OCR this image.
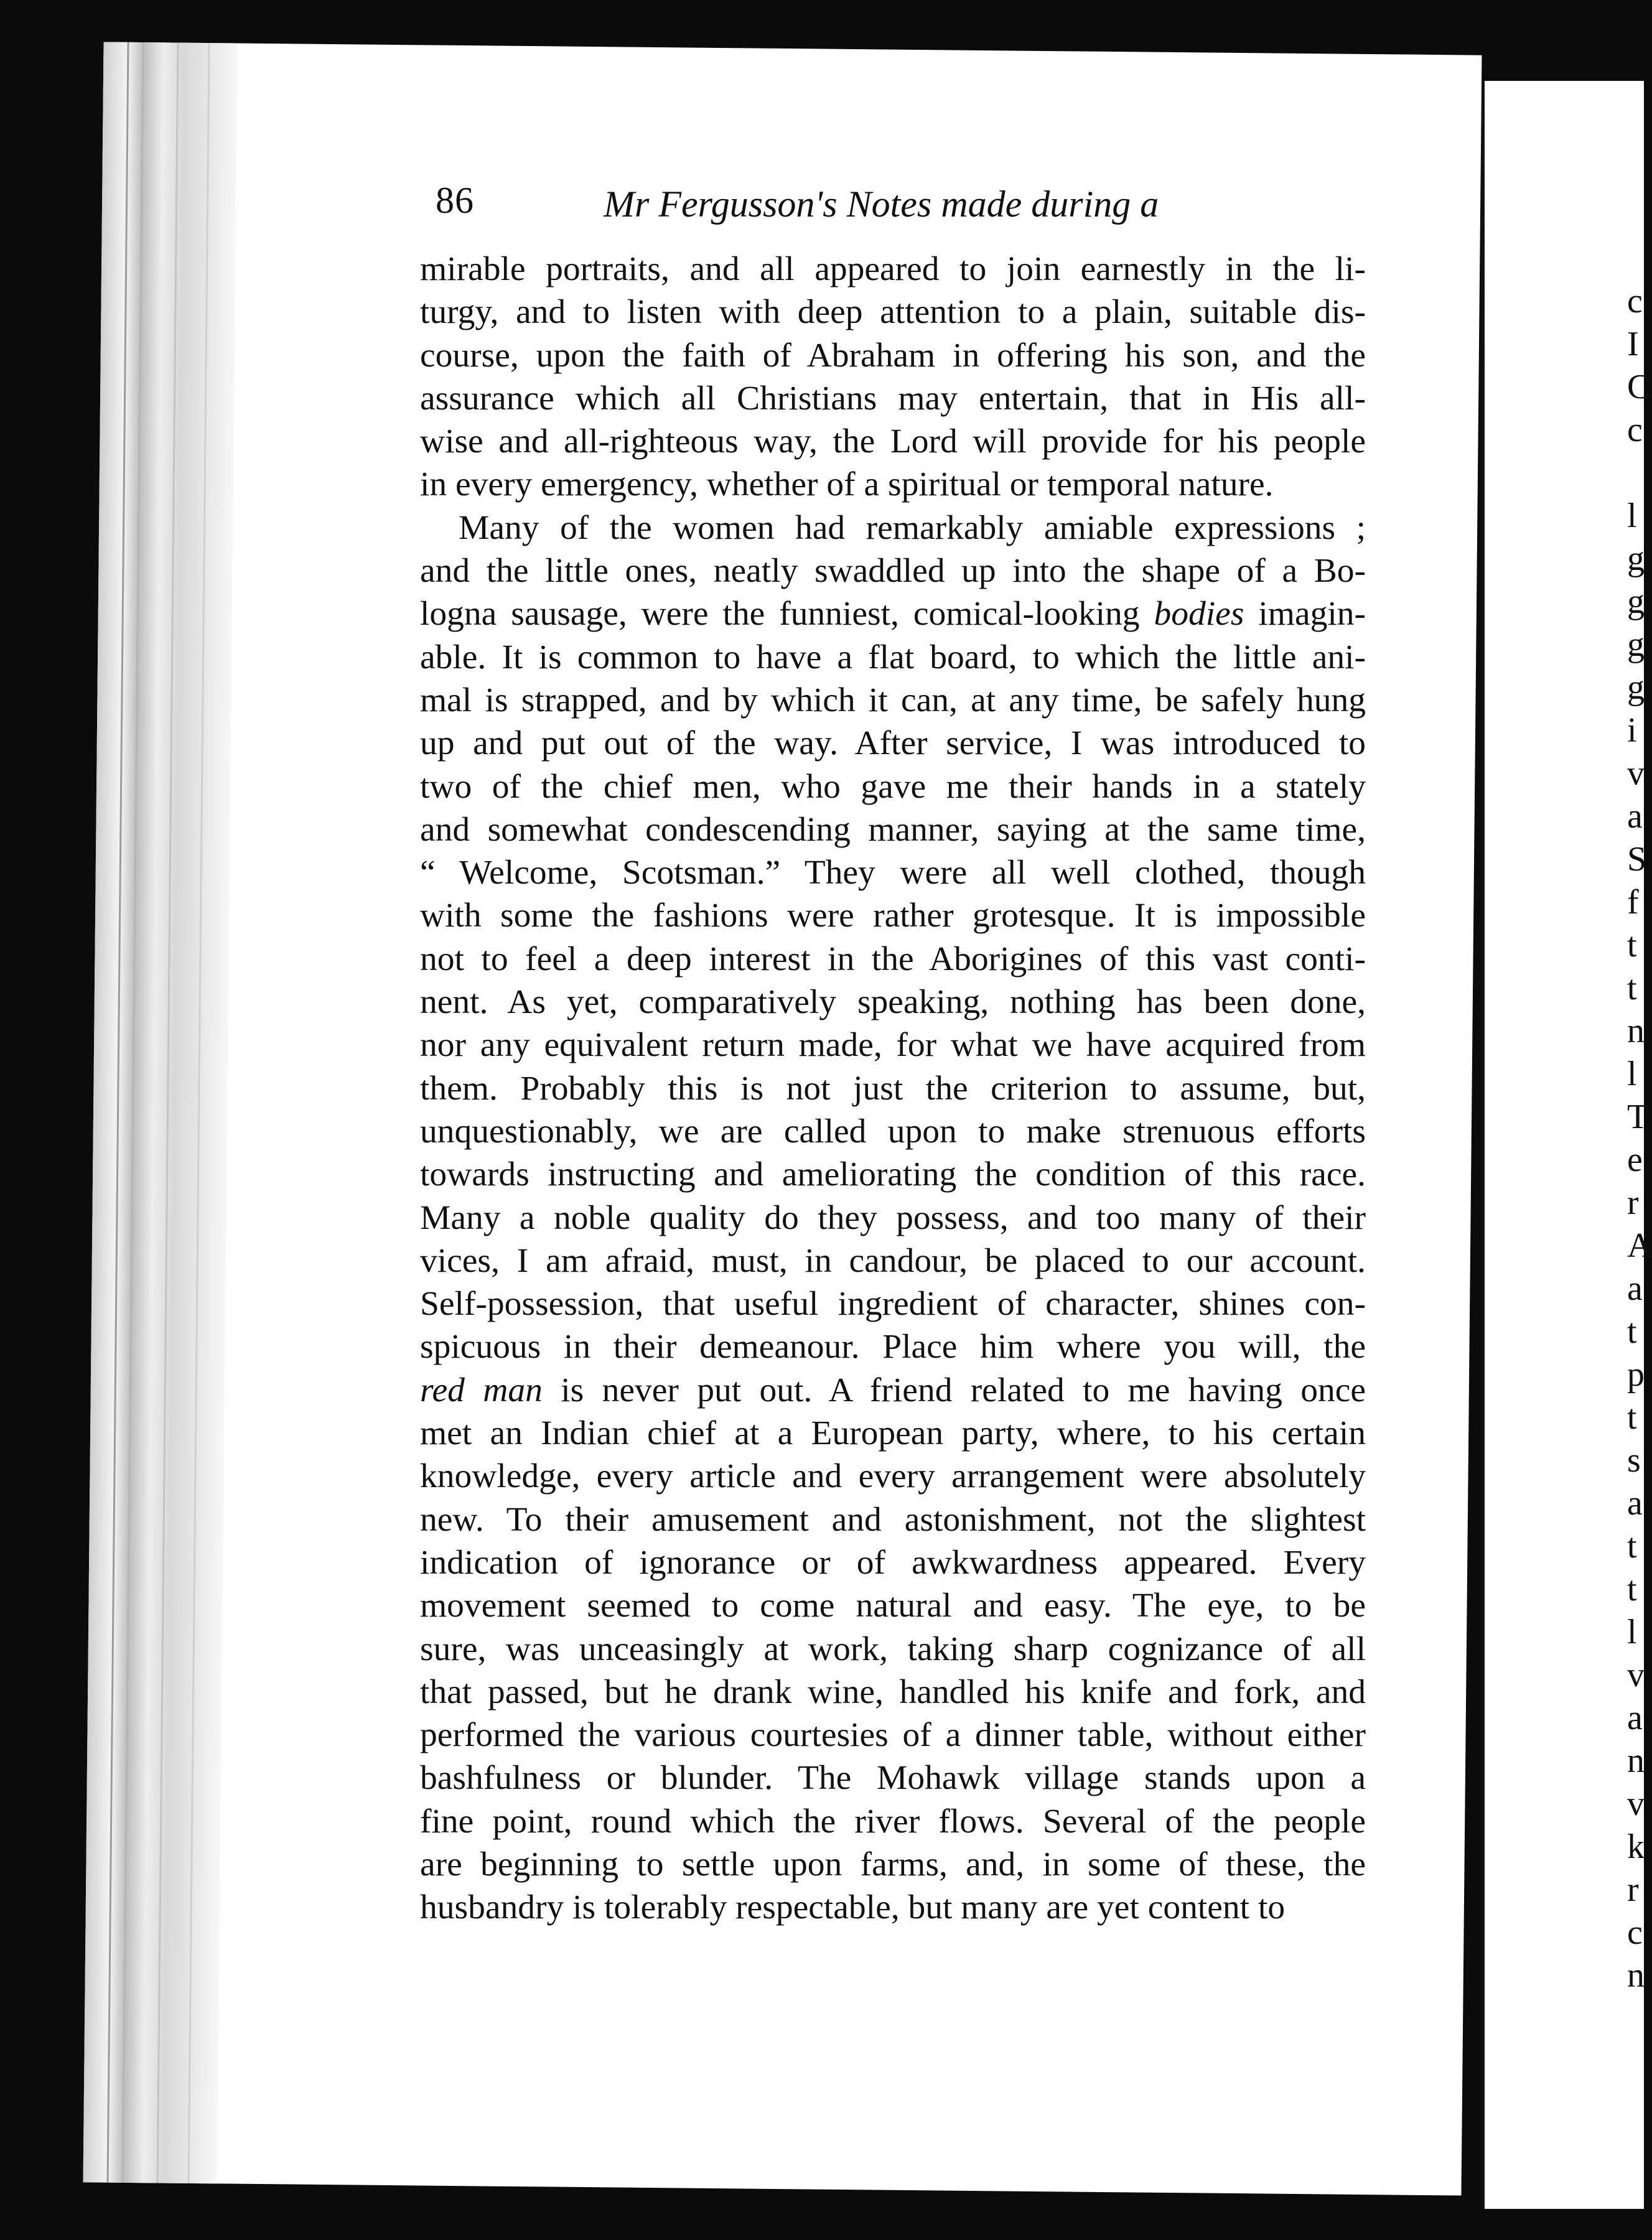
c
I
C
c
l
g
g
g
g
i
v
a
S
f
t
t
n
l
T
e
r
A
a
t
p
t
s
a
t
t
l
v
a
n
v
k
r
c
n
86	Mr Fergusson's Notes made during a
mirable portraits, and all appeared to join earnestly in the li-
turgy, and to listen with deep attention to a plain, suitable dis-
course, upon the faith of Abraham in offering his son, and the
assurance which all Christians may entertain, that in His all-
wise and all-righteous way, the Lord will provide for his people
in every emergency, whether of a spiritual or temporal nature.
Many of the women had remarkably amiable expressions ;
and the little ones, neatly swaddled up into the shape of a Bo-
logna sausage, were the funniest, comical-looking bodies imagin-
able. It is common to have a flat board, to which the little ani-
mal is strapped, and by which it can, at any time, be safely hung
up and put out of the way. After service, I was introduced to
two of the chief men, who gave me their hands in a stately
and somewhat condescending manner, saying at the same time,
“ Welcome, Scotsman.” They were all well clothed, though
with some the fashions were rather grotesque. It is impossible
not to feel a deep interest in the Aborigines of this vast conti-
nent. As yet, comparatively speaking, nothing has been done,
nor any equivalent return made, for what we have acquired from
them. Probably this is not just the criterion to assume, but,
unquestionably, we are called upon to make strenuous efforts
towards instructing and ameliorating the condition of this race.
Many a noble quality do they possess, and too many of their
vices, I am afraid, must, in candour, be placed to our account.
Self-possession, that useful ingredient of character, shines con-
spicuous in their demeanour. Place him where you will, the
red man is never put out. A friend related to me having once
met an Indian chief at a European party, where, to his certain
knowledge, every article and every arrangement were absolutely
new. To their amusement and astonishment, not the slightest
indication of ignorance or of awkwardness appeared. Every
movement seemed to come natural and easy. The eye, to be
sure, was unceasingly at work, taking sharp cognizance of all
that passed, but he drank wine, handled his knife and fork, and
performed the various courtesies of a dinner table, without either
bashfulness or blunder. The Mohawk village stands upon a
fine point, round which the river flows. Several of the people
are beginning to settle upon farms, and, in some of these, the
husbandry is tolerably respectable, but many are yet content to
